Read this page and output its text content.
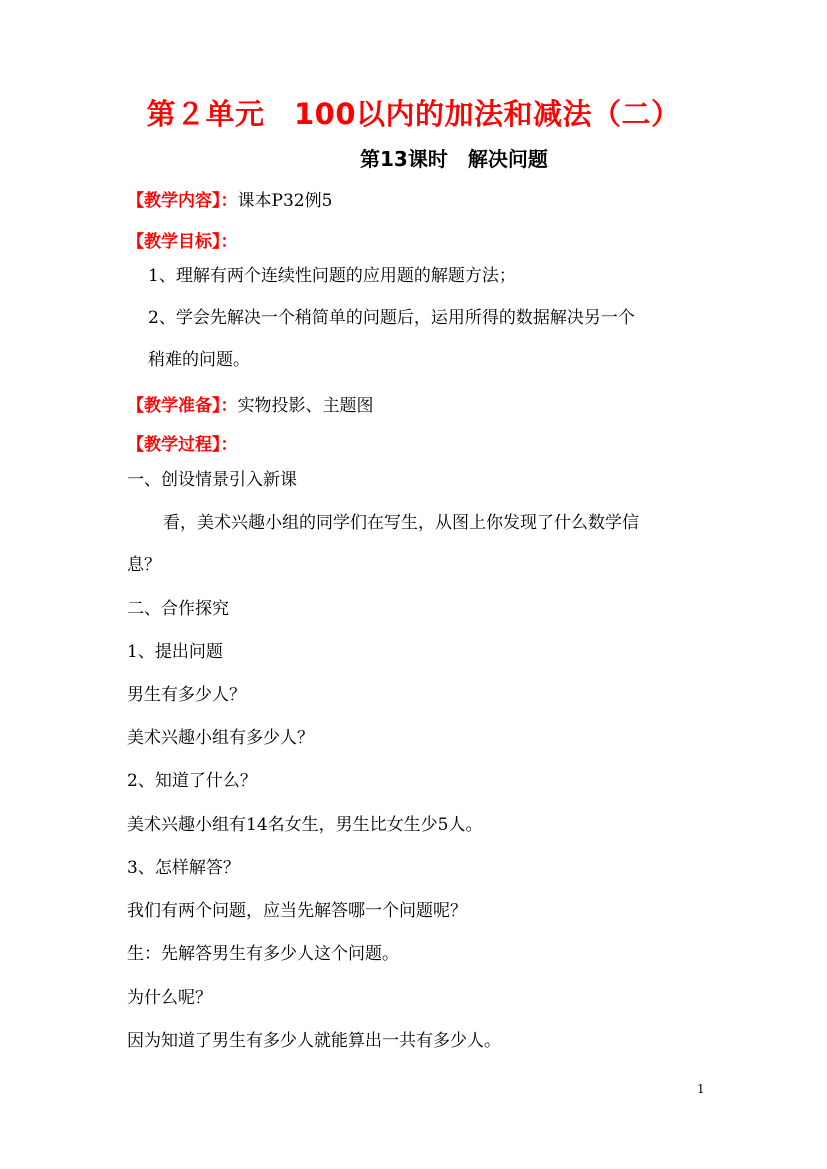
第２单元　100以内的加法和减法（二）
第13课时　解决问题
【教学内容】：课本P32例5
【教学目标】：
1、理解有两个连续性问题的应用题的解题方法；
2、学会先解决一个稍简单的问题后，运用所得的数据解决另一个
稍难的问题。
【教学准备】：实物投影、主题图
【教学过程】：
一、创设情景引入新课
看，美术兴趣小组的同学们在写生，从图上你发现了什么数学信
息？
二、合作探究
1、提出问题
男生有多少人？
美术兴趣小组有多少人？
2、知道了什么？
美术兴趣小组有14名女生，男生比女生少5人。
3、怎样解答？
我们有两个问题，应当先解答哪一个问题呢？
生：先解答男生有多少人这个问题。
为什么呢？
因为知道了男生有多少人就能算出一共有多少人。
1
